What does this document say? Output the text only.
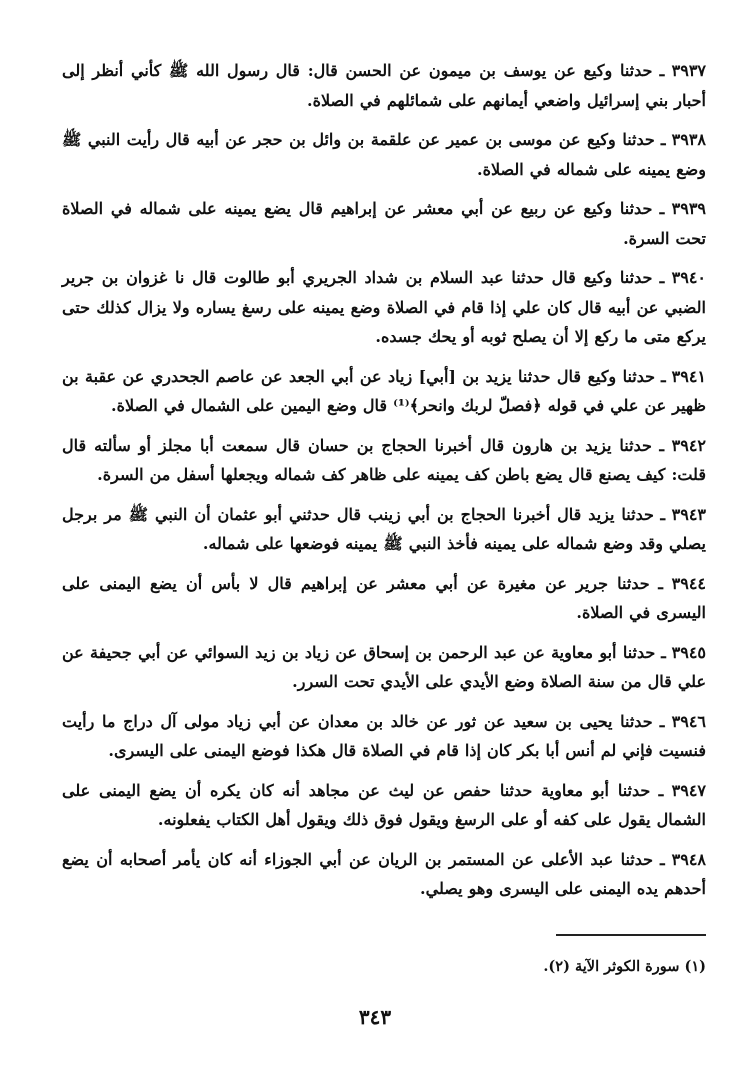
٣٩٣٧ ـ حدثنا وكيع عن يوسف بن ميمون عن الحسن قال: قال رسول الله ﷺ كأني أنظر إلى أحبار بني إسرائيل واضعي أيمانهم على شمائلهم في الصلاة.

٣٩٣٨ ـ حدثنا وكيع عن موسى بن عمير عن علقمة بن وائل بن حجر عن أبيه قال رأيت النبي ﷺ وضع يمينه على شماله في الصلاة.

٣٩٣٩ ـ حدثنا وكيع عن ربيع عن أبي معشر عن إبراهيم قال يضع يمينه على شماله في الصلاة تحت السرة.

٣٩٤٠ ـ حدثنا وكيع قال حدثنا عبد السلام بن شداد الجريري أبو طالوت قال نا غزوان بن جرير الضبي عن أبيه قال كان علي إذا قام في الصلاة وضع يمينه على رسغ يساره ولا يزال كذلك حتى يركع متى ما ركع إلا أن يصلح ثوبه أو يحك جسده.

٣٩٤١ ـ حدثنا وكيع قال حدثنا يزيد بن [أبي] زياد عن أبي الجعد عن عاصم الجحدري عن عقبة بن ظهير عن علي في قوله ﴿فصلّ لربك وانحر﴾⁽¹⁾ قال وضع اليمين على الشمال في الصلاة.

٣٩٤٢ ـ حدثنا يزيد بن هارون قال أخبرنا الحجاج بن حسان قال سمعت أبا مجلز أو سألته قال قلت: كيف يصنع قال يضع باطن كف يمينه على ظاهر كف شماله ويجعلها أسفل من السرة.

٣٩٤٣ ـ حدثنا يزيد قال أخبرنا الحجاج بن أبي زينب قال حدثني أبو عثمان أن النبي ﷺ مر برجل يصلي وقد وضع شماله على يمينه فأخذ النبي ﷺ يمينه فوضعها على شماله.

٣٩٤٤ ـ حدثنا جرير عن مغيرة عن أبي معشر عن إبراهيم قال لا بأس أن يضع اليمنى على اليسرى في الصلاة.

٣٩٤٥ ـ حدثنا أبو معاوية عن عبد الرحمن بن إسحاق عن زياد بن زيد السوائي عن أبي جحيفة عن علي قال من سنة الصلاة وضع الأيدي على الأيدي تحت السرر.

٣٩٤٦ ـ حدثنا يحيى بن سعيد عن ثور عن خالد بن معدان عن أبي زياد مولى آل دراج ما رأيت فنسيت فإني لم أنس أبا بكر كان إذا قام في الصلاة قال هكذا فوضع اليمنى على اليسرى.

٣٩٤٧ ـ حدثنا أبو معاوية حدثنا حفص عن ليث عن مجاهد أنه كان يكره أن يضع اليمنى على الشمال يقول على كفه أو على الرسغ ويقول فوق ذلك ويقول أهل الكتاب يفعلونه.

٣٩٤٨ ـ حدثنا عبد الأعلى عن المستمر بن الريان عن أبي الجوزاء أنه كان يأمر أصحابه أن يضع أحدهم يده اليمنى على اليسرى وهو يصلي.

(١) سورة الكوثر الآية (٢).
٣٤٣
